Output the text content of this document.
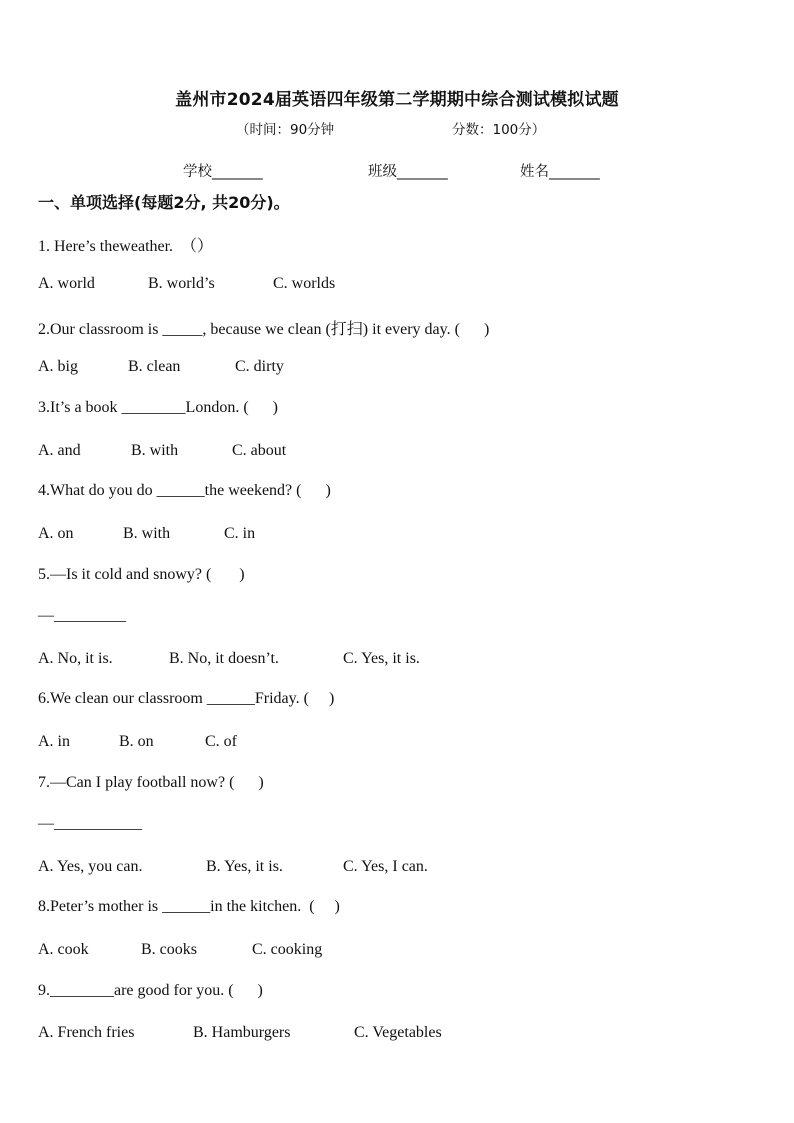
盖州市2024届英语四年级第二学期期中综合测试模拟试题
（时间：90分钟	分数：100分）
学校_______	班级_______	姓名_______
一、单项选择(每题2分, 共20分)。
1. Here’s theweather.  （）
A. world	B. world’s	C. worlds
2.Our classroom is _____, because we clean (打扫) it every day. (      )
A. big	B. clean	C. dirty
3.It’s a book ________London. (      )
A. and	B. with	C. about
4.What do you do ______the weekend? (      )
A. on	B. with	C. in
5.—Is it cold and snowy? (       )
—_________
A. No, it is.	B. No, it doesn’t.	C. Yes, it is.
6.We clean our classroom ______Friday. (     )
A. in	B. on	C. of
7.—Can I play football now? (      )
—___________
A. Yes, you can.	B. Yes, it is.	C. Yes, I can.
8.Peter’s mother is ______in the kitchen.  (     )
A. cook	B. cooks	C. cooking
9.________are good for you. (      )
A. French fries	B. Hamburgers	C. Vegetables
